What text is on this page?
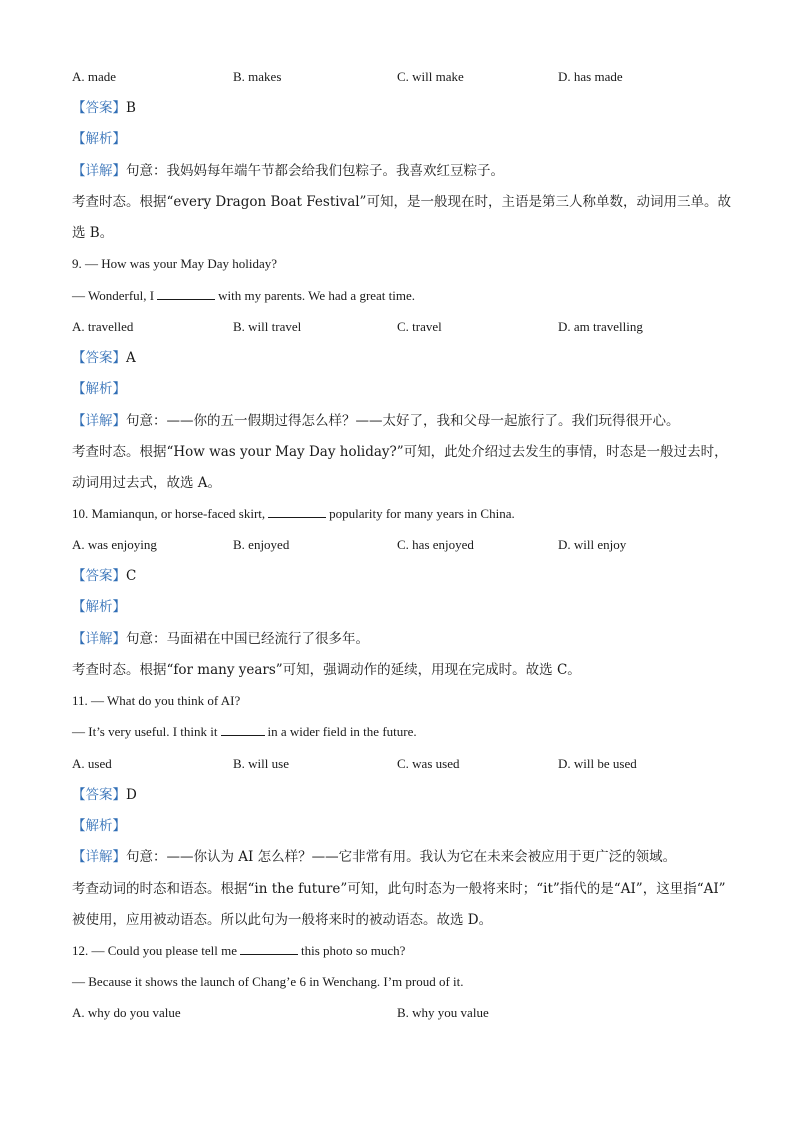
A. made	B. makes	C. will make	D. has made
【答案】B
【解析】
【详解】句意：我妈妈每年端午节都会给我们包粽子。我喜欢红豆粽子。
考查时态。根据“every Dragon Boat Festival”可知，是一般现在时，主语是第三人称单数，动词用三单。故
选 B。
9. — How was your May Day holiday?
— Wonderful, I	with my parents. We had a great time.
A. travelled	B. will travel	C. travel	D. am travelling
【答案】A
【解析】
【详解】句意：——你的五一假期过得怎么样？——太好了，我和父母一起旅行了。我们玩得很开心。
考查时态。根据“How was your May Day holiday?”可知，此处介绍过去发生的事情，时态是一般过去时，
动词用过去式，故选 A。
10. Mamianqun, or horse-faced skirt,	popularity for many years in China.
A. was enjoying	B. enjoyed	C. has enjoyed	D. will enjoy
【答案】C
【解析】
【详解】句意：马面裙在中国已经流行了很多年。
考查时态。根据“for many years”可知，强调动作的延续，用现在完成时。故选 C。
11. — What do you think of AI?
— It’s very useful. I think it	in a wider field in the future.
A. used	B. will use	C. was used	D. will be used
【答案】D
【解析】
【详解】句意：——你认为 AI 怎么样？——它非常有用。我认为它在未来会被应用于更广泛的领域。
考查动词的时态和语态。根据“in the future”可知，此句时态为一般将来时；“it”指代的是“AI”，这里指“AI”
被使用，应用被动语态。所以此句为一般将来时的被动语态。故选 D。
12. — Could you please tell me	this photo so much?
— Because it shows the launch of Chang’e 6 in Wenchang. I’m proud of it.
A. why do you value	B. why you value
